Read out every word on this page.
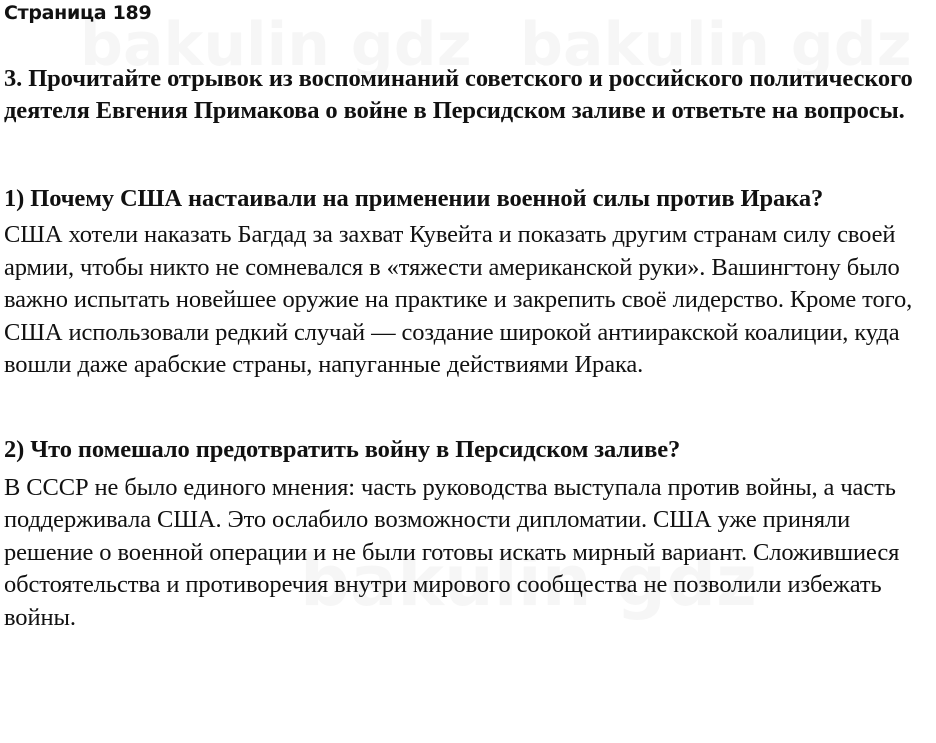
Страница 189
3. Прочитайте отрывок из воспоминаний советского и российского политического деятеля Евгения Примакова о войне в Персидском заливе и ответьте на вопросы.
1) Почему США настаивали на применении военной силы против Ирака?
США хотели наказать Багдад за захват Кувейта и показать другим странам силу своей армии, чтобы никто не сомневался в «тяжести американской руки». Вашингтону было важно испытать новейшее оружие на практике и закрепить своё лидерство. Кроме того, США использовали редкий случай — создание широкой антииракской коалиции, куда вошли даже арабские страны, напуганные действиями Ирака.
2) Что помешало предотвратить войну в Персидском заливе?
В СССР не было единого мнения: часть руководства выступала против войны, а часть поддерживала США. Это ослабило возможности дипломатии. США уже приняли решение о военной операции и не были готовы искать мирный вариант. Сложившиеся обстоятельства и противоречия внутри мирового сообщества не позволили избежать войны.
